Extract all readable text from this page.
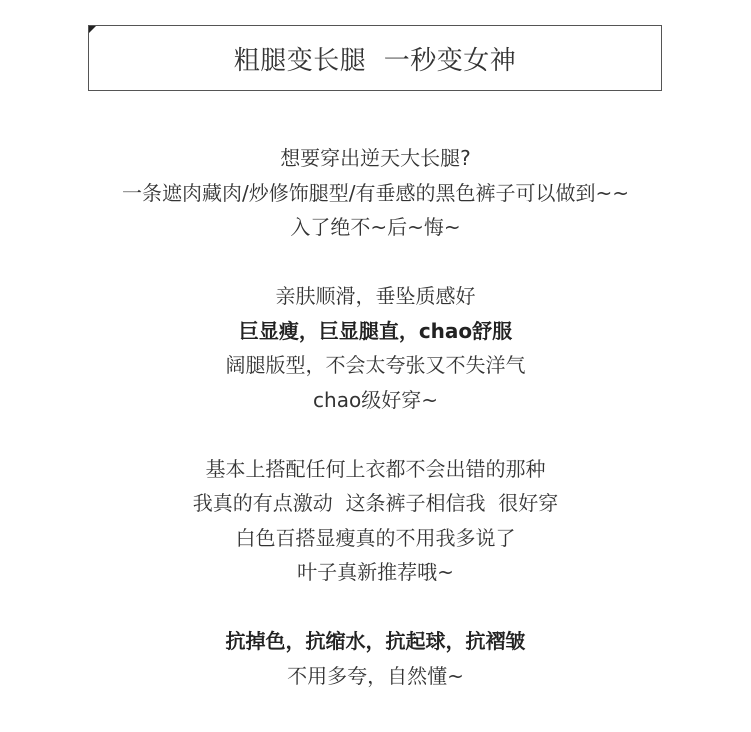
粗腿变长腿  一秒变女神
想要穿出逆天大长腿?
一条遮肉藏肉/炒修饰腿型/有垂感的黑色裤子可以做到~~
入了绝不~后~悔~
亲肤顺滑，垂坠质感好
巨显瘦，巨显腿直，chao舒服
阔腿版型，不会太夸张又不失洋气
chao级好穿~
基本上搭配任何上衣都不会出错的那种
我真的有点激动  这条裤子相信我  很好穿
白色百搭显瘦真的不用我多说了
叶子真新推荐哦~
抗掉色，抗缩水，抗起球，抗褶皱
不用多夸，自然懂~
